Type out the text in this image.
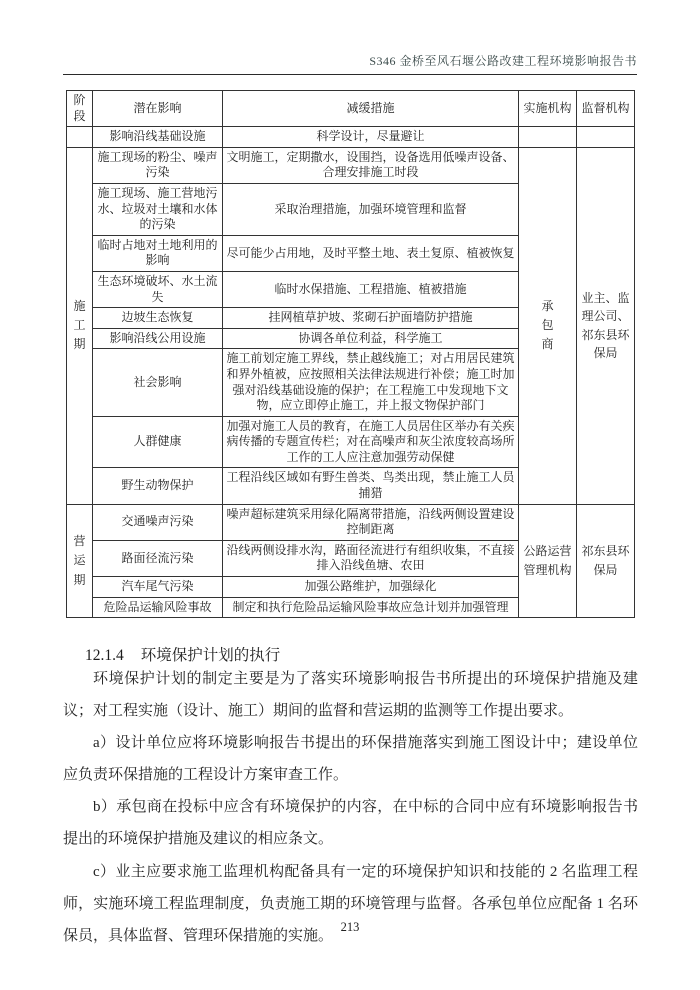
S346 金桥至风石堰公路改建工程环境影响报告书
阶段	潜在影响	减缓措施	实施机构	监督机构
	影响沿线基础设施	科学设计，尽量避让		
施工期	施工现场的粉尘、噪声污染	文明施工，定期撒水，设围挡，设备选用低噪声设备、合理安排施工时段	承包商	业主、监理公司、祁东县环保局
	施工现场、施工营地污水、垃圾对土壤和水体的污染	采取治理措施，加强环境管理和监督		
	临时占地对土地利用的影响	尽可能少占用地，及时平整土地、表土复原、植被恢复		
	生态环境破坏、水土流失	临时水保措施、工程措施、植被措施		
	边坡生态恢复	挂网植草护坡、浆砌石护面墙防护措施		
	影响沿线公用设施	协调各单位利益，科学施工		
	社会影响	施工前划定施工界线，禁止越线施工；对占用居民建筑和界外植被，应按照相关法律法规进行补偿；施工时加强对沿线基础设施的保护；在工程施工中发现地下文物，应立即停止施工，并上报文物保护部门		
	人群健康	加强对施工人员的教育，在施工人员居住区举办有关疾病传播的专题宣传栏；对在高噪声和灰尘浓度较高场所工作的工人应注意加强劳动保健		
	野生动物保护	工程沿线区域如有野生兽类、鸟类出现，禁止施工人员捕猎		
营运期	交通噪声污染	噪声超标建筑采用绿化隔离带措施，沿线两侧设置建设控制距离	公路运营管理机构	祁东县环保局
	路面径流污染	沿线两侧设排水沟，路面径流进行有组织收集，不直接排入沿线鱼塘、农田		
	汽车尾气污染	加强公路维护，加强绿化		
	危险品运输风险事故	制定和执行危险品运输风险事故应急计划并加强管理		
12.1.4 环境保护计划的执行

环境保护计划的制定主要是为了落实环境影响报告书所提出的环境保护措施及建议；对工程实施（设计、施工）期间的监督和营运期的监测等工作提出要求。

a）设计单位应将环境影响报告书提出的环保措施落实到施工图设计中；建设单位应负责环保措施的工程设计方案审查工作。

b）承包商在投标中应含有环境保护的内容，在中标的合同中应有环境影响报告书提出的环境保护措施及建议的相应条文。

c）业主应要求施工监理机构配备具有一定的环境保护知识和技能的 2 名监理工程师，实施环境工程监理制度，负责施工期的环境管理与监督。各承包单位应配备 1 名环保员，具体监督、管理环保措施的实施。

213
